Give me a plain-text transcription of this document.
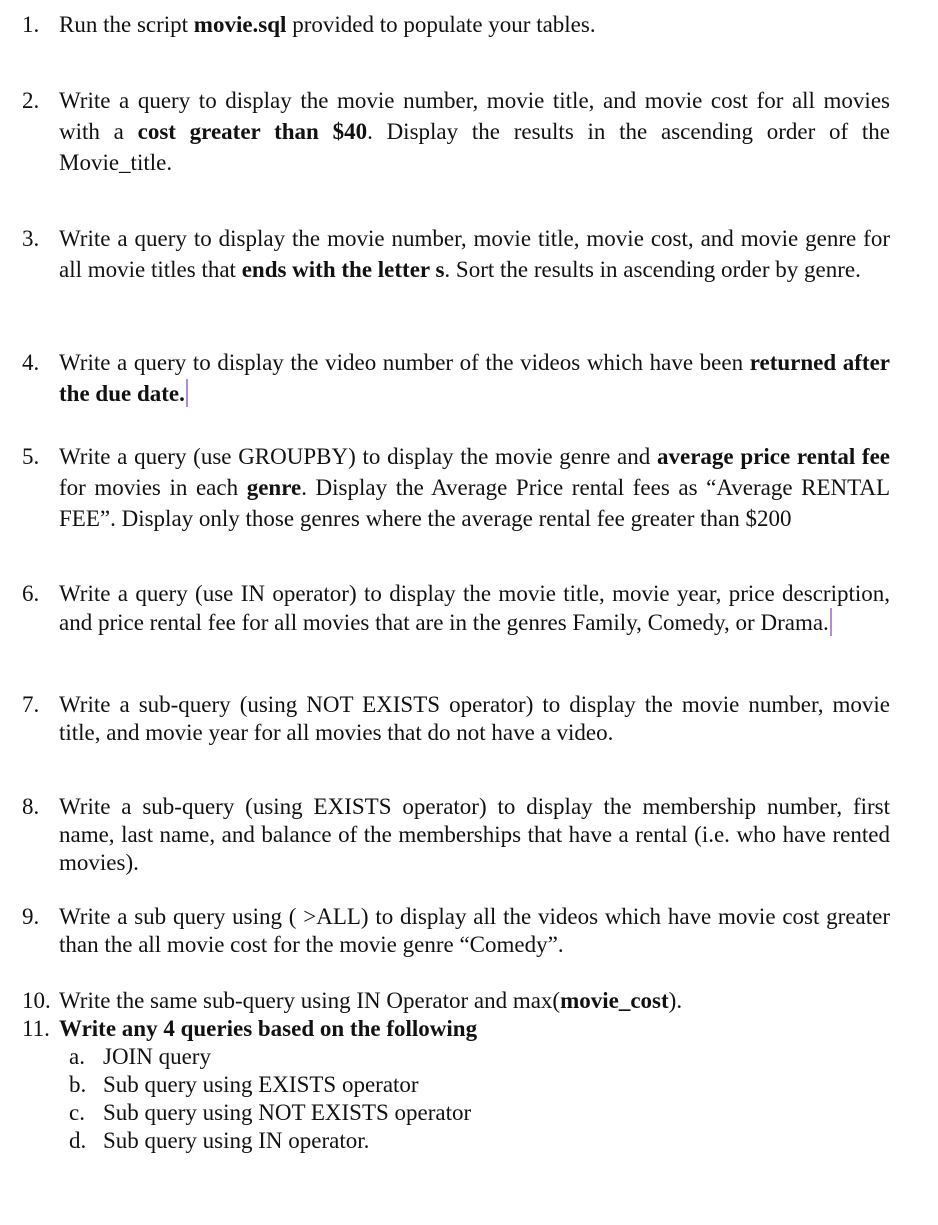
1. Run the script movie.sql provided to populate your tables.
2. Write a query to display the movie number, movie title, and movie cost for all movies with a cost greater than $40. Display the results in the ascending order of the Movie_title.
3. Write a query to display the movie number, movie title, movie cost, and movie genre for all movie titles that ends with the letter s. Sort the results in ascending order by genre.
4. Write a query to display the video number of the videos which have been returned after the due date.
5. Write a query (use GROUPBY) to display the movie genre and average price rental fee for movies in each genre. Display the Average Price rental fees as “Average RENTAL FEE”. Display only those genres where the average rental fee greater than $200
6. Write a query (use IN operator) to display the movie title, movie year, price description, and price rental fee for all movies that are in the genres Family, Comedy, or Drama.
7. Write a sub-query (using NOT EXISTS operator) to display the movie number, movie title, and movie year for all movies that do not have a video.
8. Write a sub-query (using EXISTS operator) to display the membership number, first name, last name, and balance of the memberships that have a rental (i.e. who have rented movies).
9. Write a sub query using ( >ALL) to display all the videos which have movie cost greater than the all movie cost for the movie genre “Comedy”.
10. Write the same sub-query using IN Operator and max(movie_cost).
11. Write any 4 queries based on the following
a. JOIN query
b. Sub query using EXISTS operator
c. Sub query using NOT EXISTS operator
d. Sub query using IN operator.
